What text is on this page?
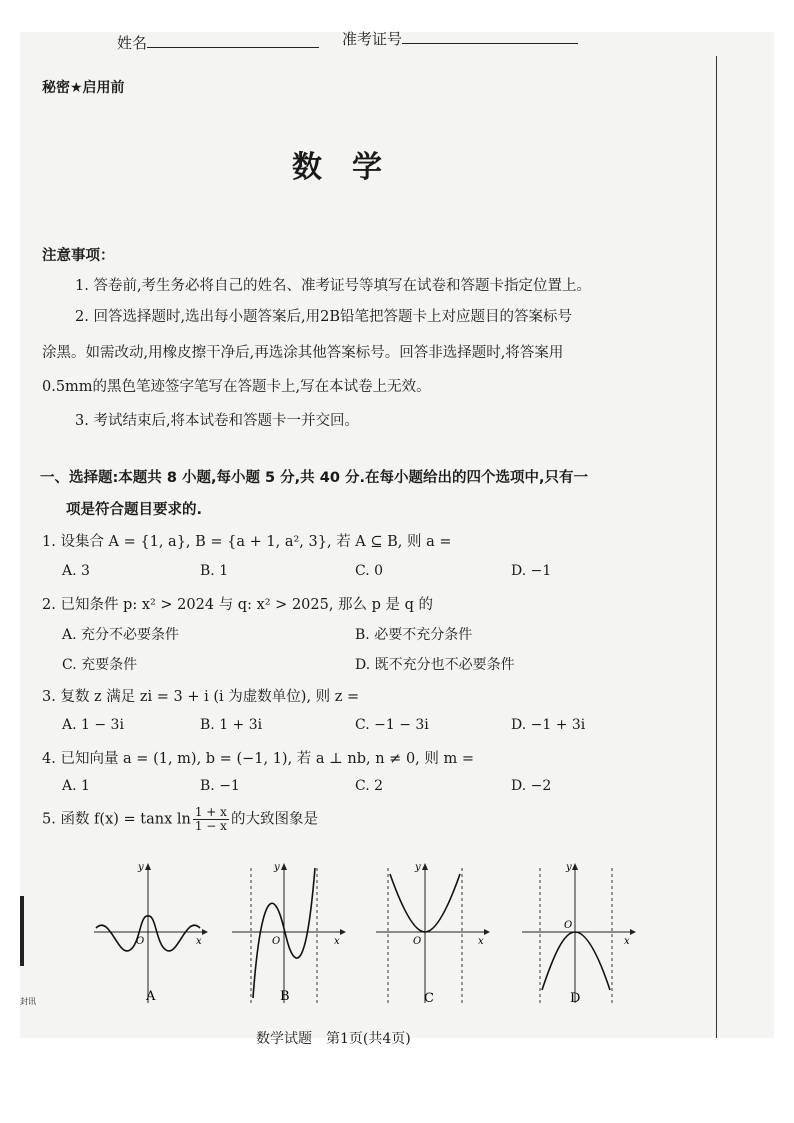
姓名	准考证号
秘密★启用前
数学
注意事项：
1. 答卷前,考生务必将自己的姓名、准考证号等填写在试卷和答题卡指定位置上。
2. 回答选择题时,选出每小题答案后,用2B铅笔把答题卡上对应题目的答案标号
涂黑。如需改动,用橡皮擦干净后,再选涂其他答案标号。回答非选择题时,将答案用
0.5mm的黑色笔迹签字笔写在答题卡上,写在本试卷上无效。
3. 考试结束后,将本试卷和答题卡一并交回。
一、选择题:本题共 8 小题,每小题 5 分,共 40 分.在每小题给出的四个选项中,只有一
项是符合题目要求的.
1. 设集合 A = {1, a}, B = {a + 1, a², 3}, 若 A ⊆ B, 则 a =
A. 3	B. 1	C. 0	D. −1
2. 已知条件 p: x² > 2024 与 q: x² > 2025, 那么 p 是 q 的
A. 充分不必要条件	B. 必要不充分条件
C. 充要条件	D. 既不充分也不必要条件
3. 复数 z 满足 zi = 3 + i (i 为虚数单位), 则 z =
A. 1 − 3i	B. 1 + 3i	C. −1 − 3i	D. −1 + 3i
4. 已知向量 a = (1, m), b = (−1, 1), 若 a ⊥ nb, n ≠ 0, 则 m =
A. 1	B. −1	C. 2	D. −2
5. 函数 f(x) = tanx $\ln \frac{1 + x}{1 - x}$ 的大致图象是
y
x
O
A
y
x
O
B
y
x
O
C
y
x
O
D
封讯
数学试题　第1页(共4页)
